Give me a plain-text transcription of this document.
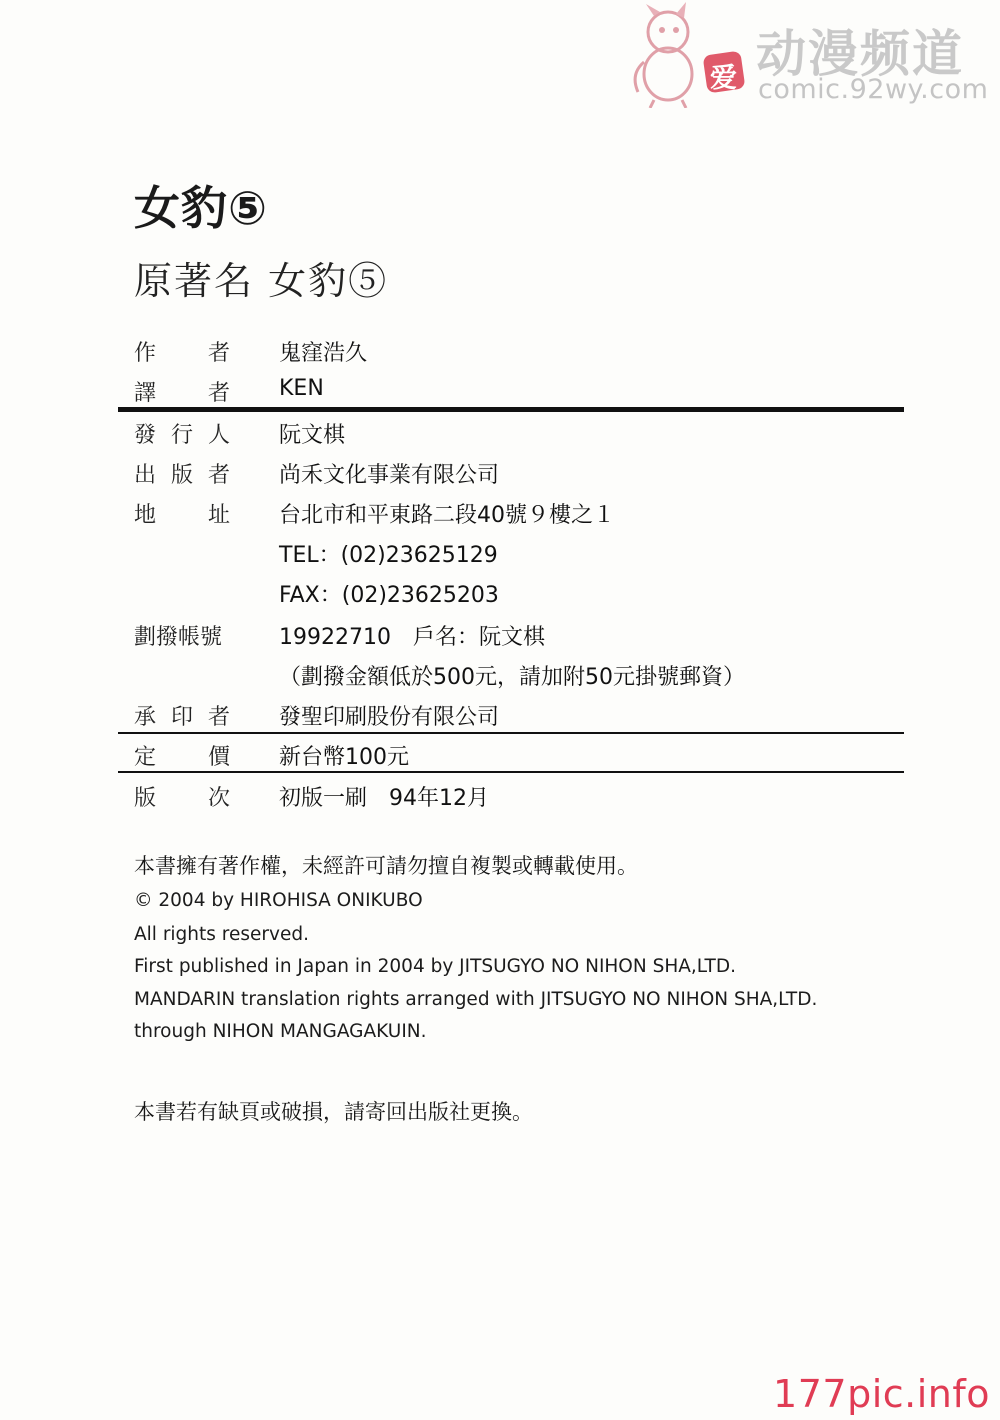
爱 动漫频道
comic.92wy.com
女豹⑤
原著名 女豹⑤
作 者 鬼窪浩久
譯 者 KEN
發 行 人 阮文棋
出 版 者 尚禾文化事業有限公司
地 址 台北市和平東路二段40號９樓之１
TEL：(02)23625129
FAX：(02)23625203
劃撥帳號	19922710　戶名：阮文棋
（劃撥金額低於500元，請加附50元掛號郵資）
承 印 者 發聖印刷股份有限公司
定 價 新台幣100元
版 次 初版一刷　94年12月
本書擁有著作權，未經許可請勿擅自複製或轉載使用。
© 2004 by HIROHISA ONIKUBO
All rights reserved.
First published in Japan in 2004 by JITSUGYO NO NIHON SHA,LTD.
MANDARIN translation rights arranged with JITSUGYO NO NIHON SHA,LTD.
through NIHON MANGAGAKUIN.
本書若有缺頁或破損，請寄回出版社更換。
177pic.info
